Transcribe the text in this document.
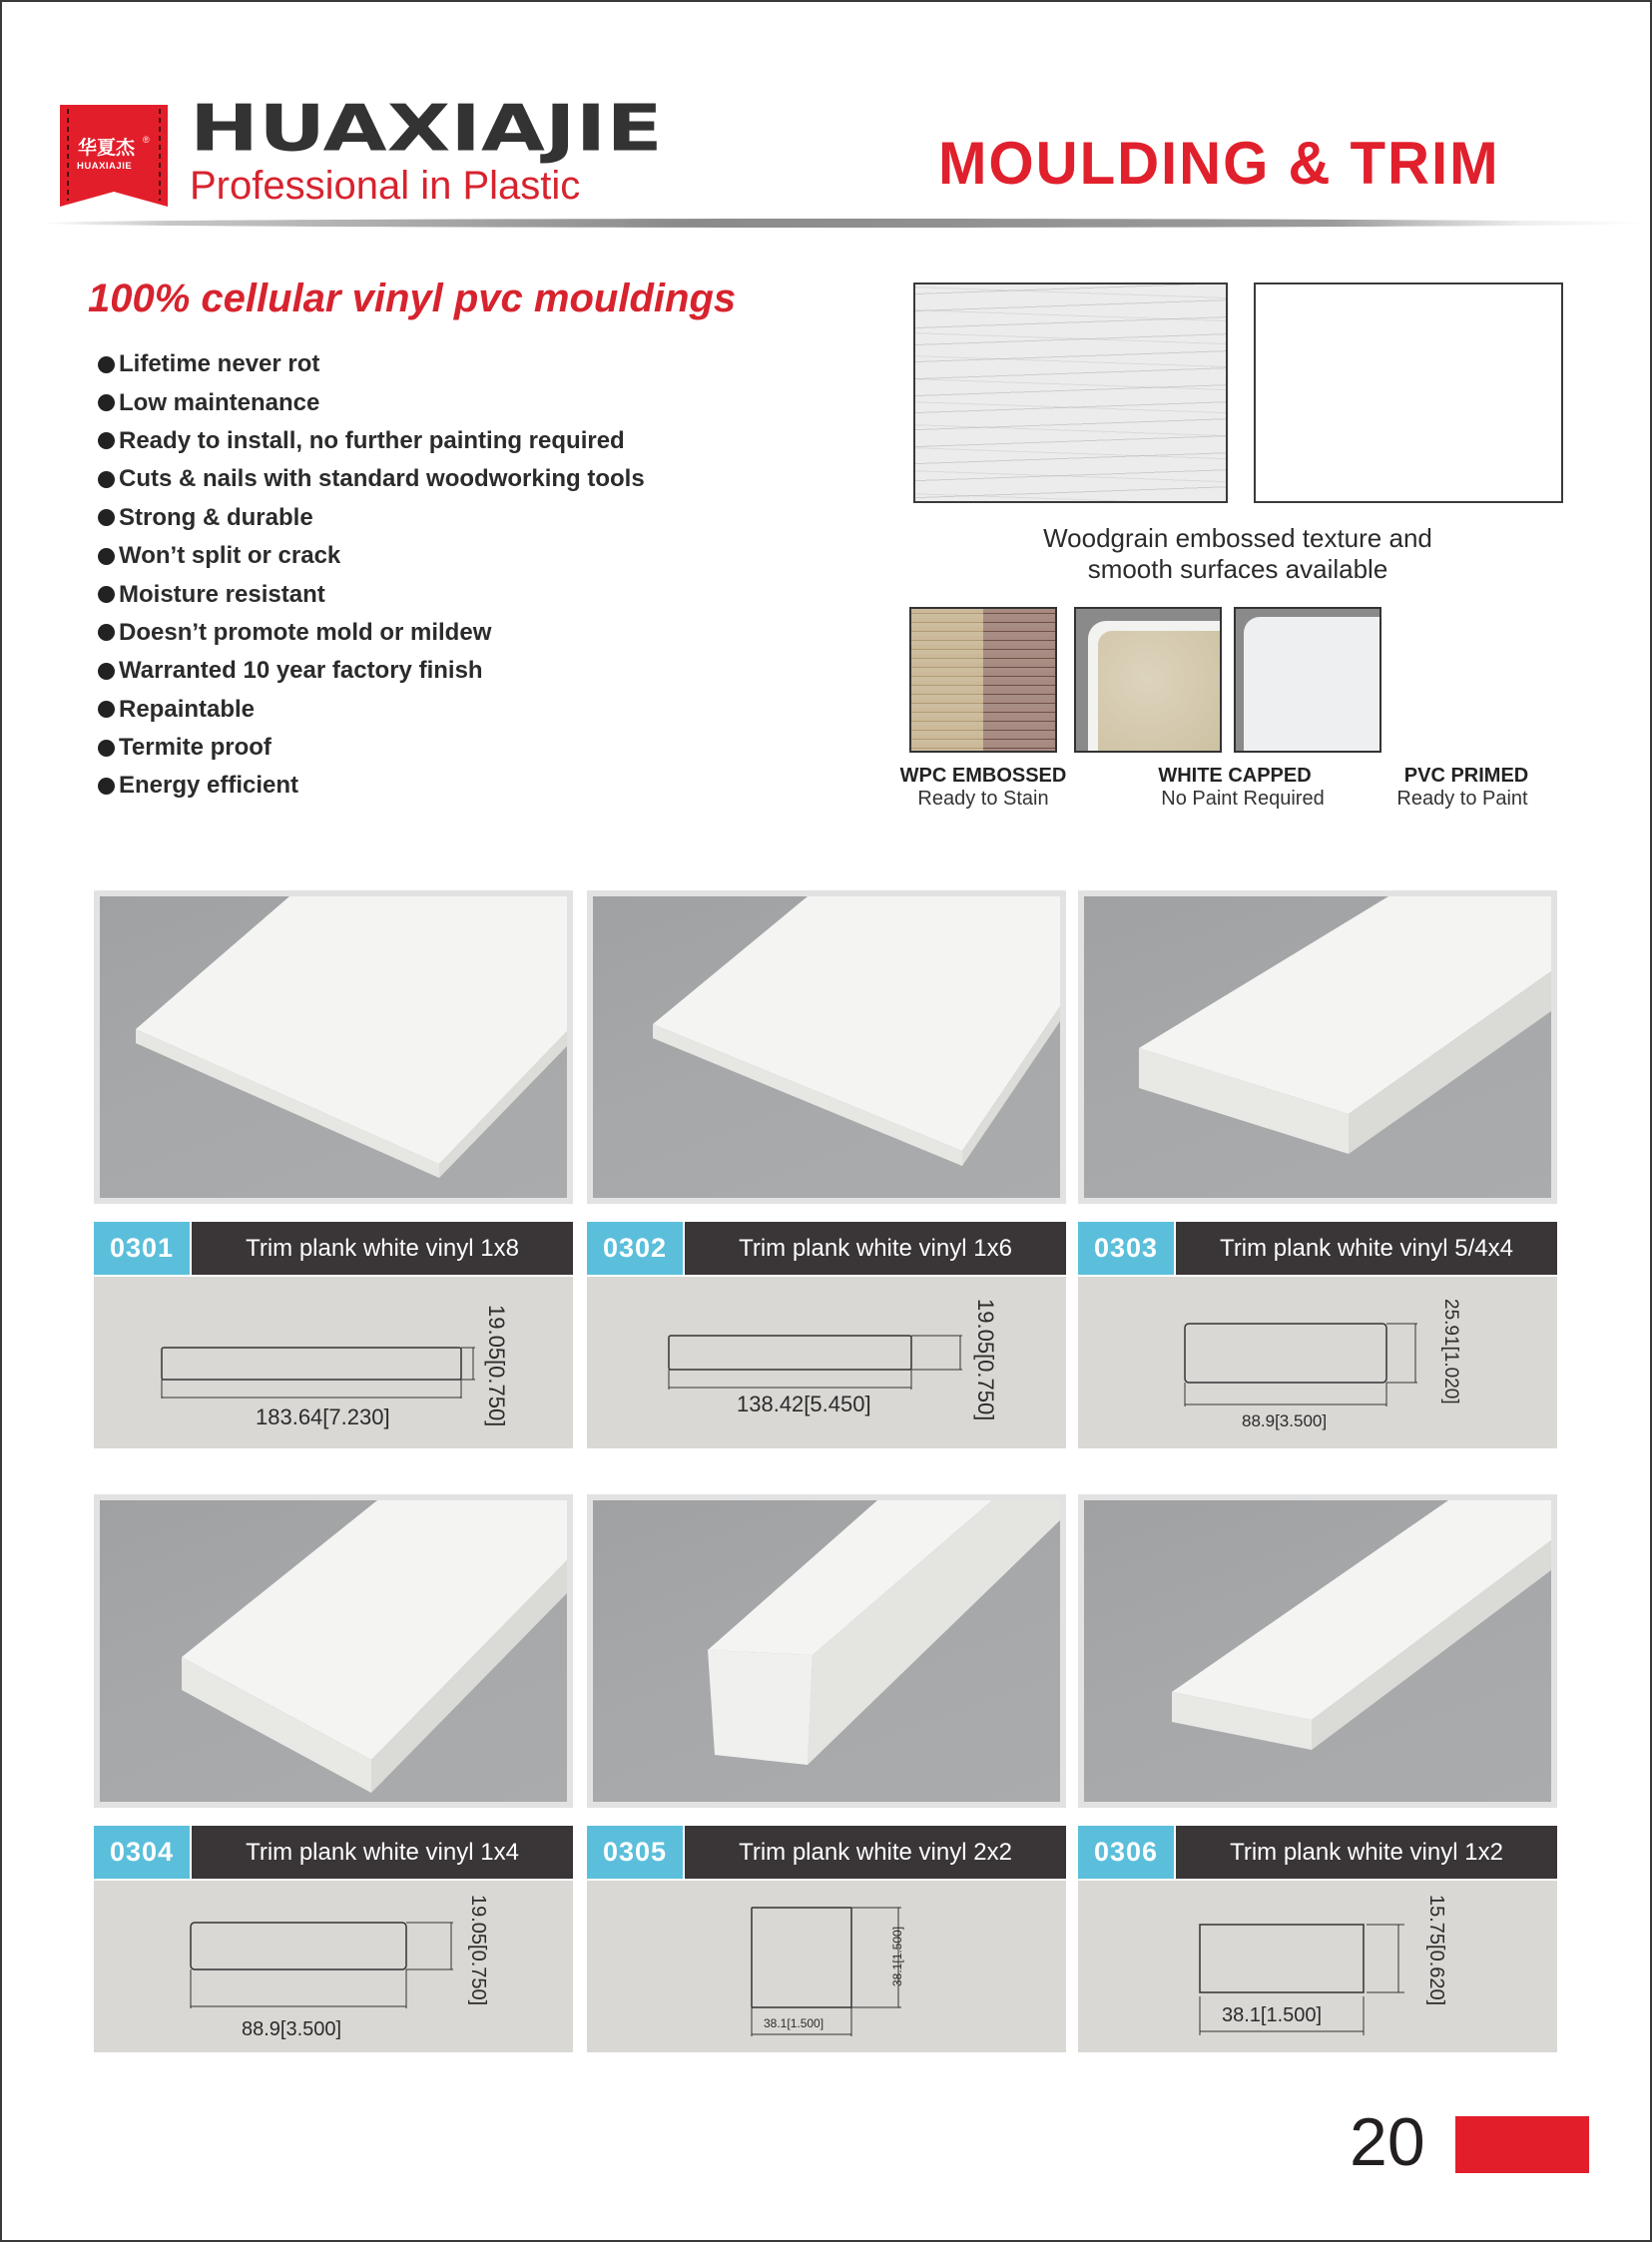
华夏杰 ®
HUAXIAJIE
HUAXIAJIE
Professional in Plastic	MOULDING & TRIM
100% cellular vinyl pvc mouldings
Lifetime never rot
Low maintenance
Ready to install, no further painting required
Cuts & nails with standard woodworking tools
Strong & durable
Won’t split or crack
Moisture resistant
Doesn’t promote mold or mildew
Warranted 10 year factory finish
Repaintable
Termite proof
Energy efficient
Woodgrain embossed texture and
smooth surfaces available
WPC EMBOSSED
Ready to Stain
WHITE CAPPED
No Paint Required
PVC PRIMED
Ready to Paint
0301	Trim plank white vinyl 1x8
183.64[7.230]	19.05[0.750]
0302	Trim plank white vinyl 1x6
138.42[5.450]	19.05[0.750]
0303	Trim plank white vinyl 5/4x4
88.9[3.500]
25.91[1.020]
0304	Trim plank white vinyl 1x4
88.9[3.500]
19.05[0.750]
0305	Trim plank white vinyl 2x2
38.1[1.500]
38.1[1.500]
0306	Trim plank white vinyl 1x2
38.1[1.500]
15.75[0.620]
20
